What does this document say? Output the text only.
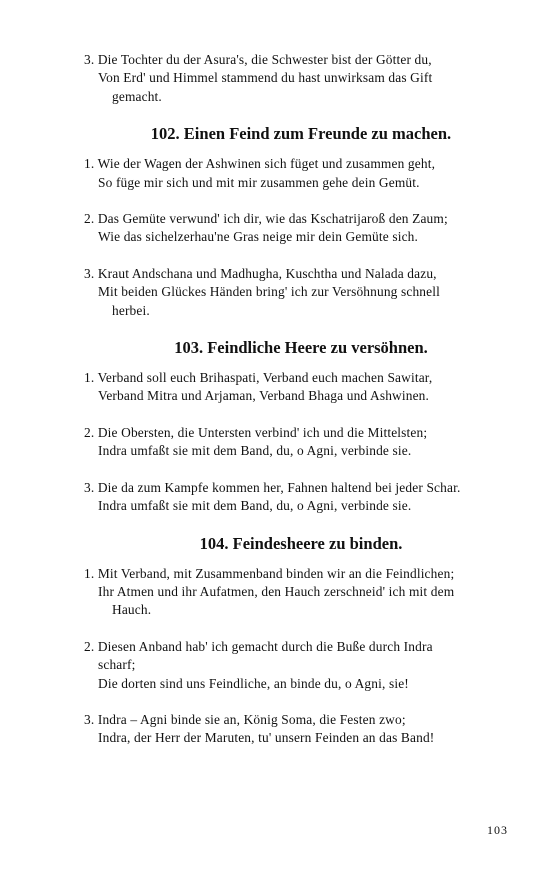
3. Die Tochter du der Asura's, die Schwester bist der Götter du,
Von Erd' und Himmel stammend du hast unwirksam das Gift
gemacht.
102. Einen Feind zum Freunde zu machen.
1. Wie der Wagen der Ashwinen sich füget und zusammen geht,
So füge mir sich und mit mir zusammen gehe dein Gemüt.
2. Das Gemüte verwund' ich dir, wie das Kschatrijaroß den Zaum;
Wie das sichelzerhau'ne Gras neige mir dein Gemüte sich.
3. Kraut Andschana und Madhugha, Kuschtha und Nalada dazu,
Mit beiden Glückes Händen bring' ich zur Versöhnung schnell
herbei.
103. Feindliche Heere zu versöhnen.
1. Verband soll euch Brihaspati, Verband euch machen Sawitar,
Verband Mitra und Arjaman, Verband Bhaga und Ashwinen.
2. Die Obersten, die Untersten verbind' ich und die Mittelsten;
Indra umfaßt sie mit dem Band, du, o Agni, verbinde sie.
3. Die da zum Kampfe kommen her, Fahnen haltend bei jeder Schar.
Indra umfaßt sie mit dem Band, du, o Agni, verbinde sie.
104. Feindesheere zu binden.
1. Mit Verband, mit Zusammenband binden wir an die Feindlichen;
Ihr Atmen und ihr Aufatmen, den Hauch zerschneid' ich mit dem
Hauch.
2. Diesen Anband hab' ich gemacht durch die Buße durch Indra
scharf;
Die dorten sind uns Feindliche, an binde du, o Agni, sie!
3. Indra – Agni binde sie an, König Soma, die Festen zwo;
Indra, der Herr der Maruten, tu' unsern Feinden an das Band!
103
